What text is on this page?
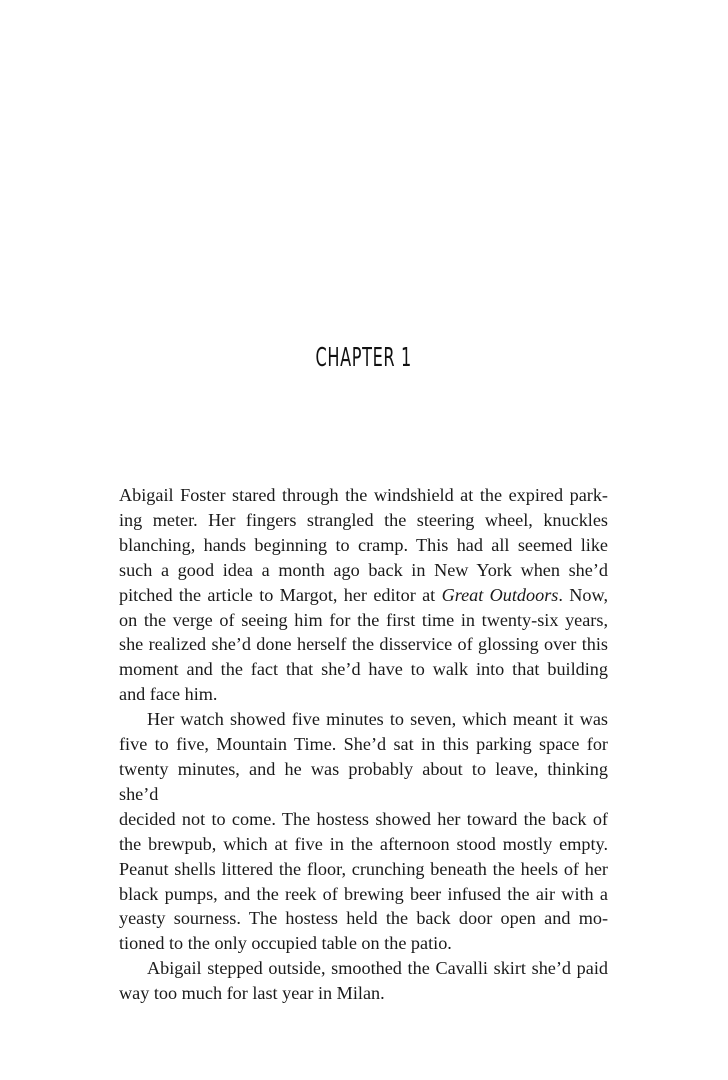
CHAPTER 1
Abigail Foster stared through the windshield at the expired park-
ing meter. Her fingers strangled the steering wheel, knuckles
blanching, hands beginning to cramp. This had all seemed like
such a good idea a month ago back in New York when she’d
pitched the article to Margot, her editor at Great Outdoors. Now,
on the verge of seeing him for the first time in twenty-six years,
she realized she’d done herself the disservice of glossing over this
moment and the fact that she’d have to walk into that building
and face him.
Her watch showed five minutes to seven, which meant it was
five to five, Mountain Time. She’d sat in this parking space for
twenty minutes, and he was probably about to leave, thinking she’d
decided not to come. The hostess showed her toward the back of
the brewpub, which at five in the afternoon stood mostly empty.
Peanut shells littered the floor, crunching beneath the heels of her
black pumps, and the reek of brewing beer infused the air with a
yeasty sourness. The hostess held the back door open and mo-
tioned to the only occupied table on the patio.
Abigail stepped outside, smoothed the Cavalli skirt she’d paid
way too much for last year in Milan.
